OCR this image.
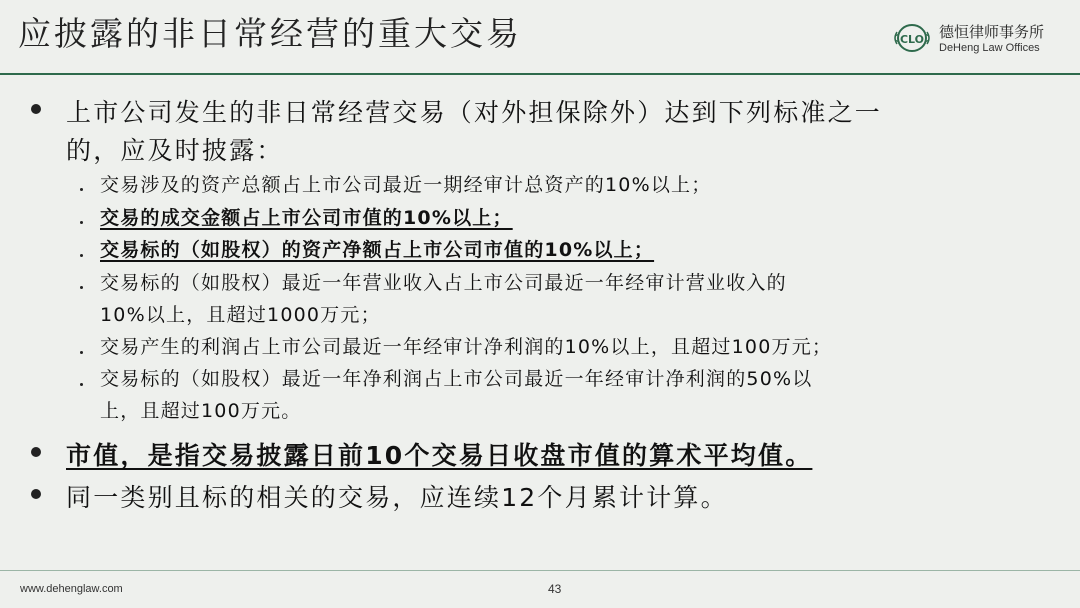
应披露的非日常经营的重大交易	CLO 德恒律师事务所
DeHeng Law Offices
上市公司发生的非日常经营交易（对外担保除外）达到下列标准之一
的，应及时披露：
交易涉及的资产总额占上市公司最近一期经审计总资产的10%以上；
交易的成交金额占上市公司市值的10%以上；
交易标的（如股权）的资产净额占上市公司市值的10%以上；
交易标的（如股权）最近一年营业收入占上市公司最近一年经审计营业收入的
10%以上，且超过1000万元；
交易产生的利润占上市公司最近一年经审计净利润的10%以上，且超过100万元；
交易标的（如股权）最近一年净利润占上市公司最近一年经审计净利润的50%以
上，且超过100万元。
市值，是指交易披露日前10个交易日收盘市值的算术平均值。
同一类别且标的相关的交易，应连续12个月累计计算。
www.dehenglaw.com	43
